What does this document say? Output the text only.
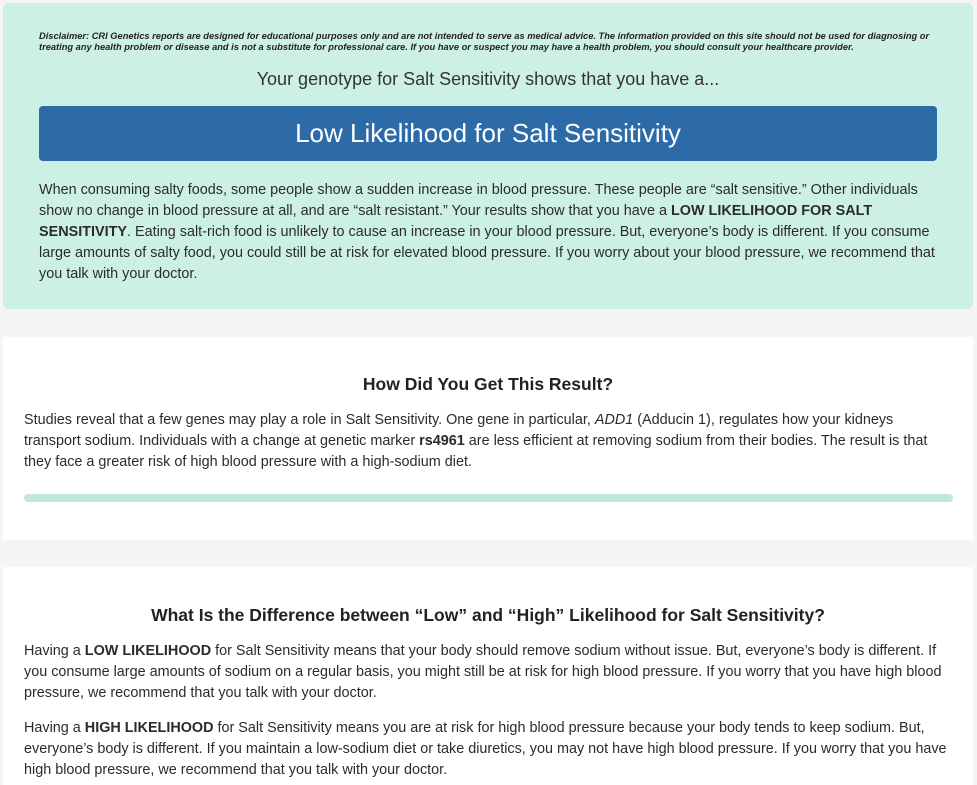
Disclaimer: CRI Genetics reports are designed for educational purposes only and are not intended to serve as medical advice. The information provided on this site should not be used for diagnosing or treating any health problem or disease and is not a substitute for professional care. If you have or suspect you may have a health problem, you should consult your healthcare provider.

Your genotype for Salt Sensitivity shows that you have a...

Low Likelihood for Salt Sensitivity

When consuming salty foods, some people show a sudden increase in blood pressure. These people are “salt sensitive.” Other individuals show no change in blood pressure at all, and are “salt resistant.” Your results show that you have a LOW LIKELIHOOD FOR SALT SENSITIVITY. Eating salt-rich food is unlikely to cause an increase in your blood pressure. But, everyone’s body is different. If you consume large amounts of salty food, you could still be at risk for elevated blood pressure. If you worry about your blood pressure, we recommend that you talk with your doctor.

How Did You Get This Result?

Studies reveal that a few genes may play a role in Salt Sensitivity. One gene in particular, ADD1 (Adducin 1), regulates how your kidneys transport sodium. Individuals with a change at genetic marker rs4961 are less efficient at removing sodium from their bodies. The result is that they face a greater risk of high blood pressure with a high-sodium diet.

What Is the Difference between “Low” and “High” Likelihood for Salt Sensitivity?

Having a LOW LIKELIHOOD for Salt Sensitivity means that your body should remove sodium without issue. But, everyone’s body is different. If you consume large amounts of sodium on a regular basis, you might still be at risk for high blood pressure. If you worry that you have high blood pressure, we recommend that you talk with your doctor.

Having a HIGH LIKELIHOOD for Salt Sensitivity means you are at risk for high blood pressure because your body tends to keep sodium. But, everyone’s body is different. If you maintain a low-sodium diet or take diuretics, you may not have high blood pressure. If you worry that you have high blood pressure, we recommend that you talk with your doctor.
